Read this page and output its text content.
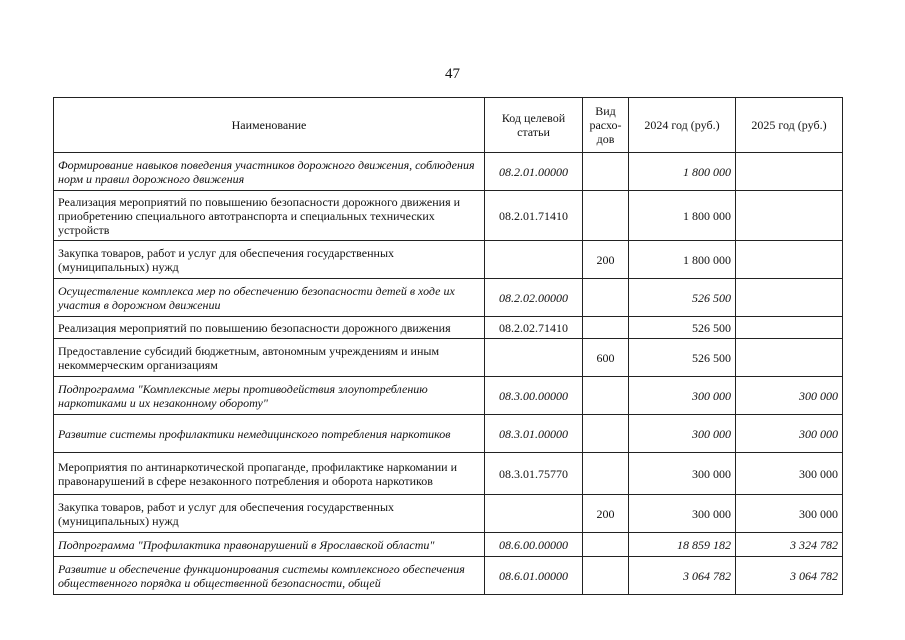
47
Наименование	Код целевой статьи	Вид расхо-дов	2024 год (руб.)	2025 год (руб.)
Формирование навыков поведения участников дорожного движения, соблюдения норм и правил дорожного движения	08.2.01.00000		1 800 000	
Реализация мероприятий по повышению безопасности дорожного движения и приобретению специального автотранспорта и специальных технических устройств	08.2.01.71410		1 800 000	
Закупка товаров, работ и услуг для обеспечения государственных (муниципальных) нужд		200	1 800 000	
Осуществление комплекса мер по обеспечению безопасности детей в ходе их участия в дорожном движении	08.2.02.00000		526 500	
Реализация мероприятий по повышению безопасности дорожного движения	08.2.02.71410		526 500	
Предоставление субсидий бюджетным, автономным учреждениям и иным некоммерческим организациям		600	526 500	
Подпрограмма "Комплексные меры противодействия злоупотреблению наркотиками и их незаконному обороту"	08.3.00.00000		300 000	300 000
Развитие системы профилактики немедицинского потребления наркотиков	08.3.01.00000		300 000	300 000
Мероприятия по антинаркотической пропаганде, профилактике наркомании и правонарушений в сфере незаконного потребления и оборота наркотиков	08.3.01.75770		300 000	300 000
Закупка товаров, работ и услуг для обеспечения государственных (муниципальных) нужд		200	300 000	300 000
Подпрограмма "Профилактика правонарушений в Ярославской области"	08.6.00.00000		18 859 182	3 324 782
Развитие и обеспечение функционирования системы комплексного обеспечения общественного порядка и общественной безопасности, общей	08.6.01.00000		3 064 782	3 064 782
